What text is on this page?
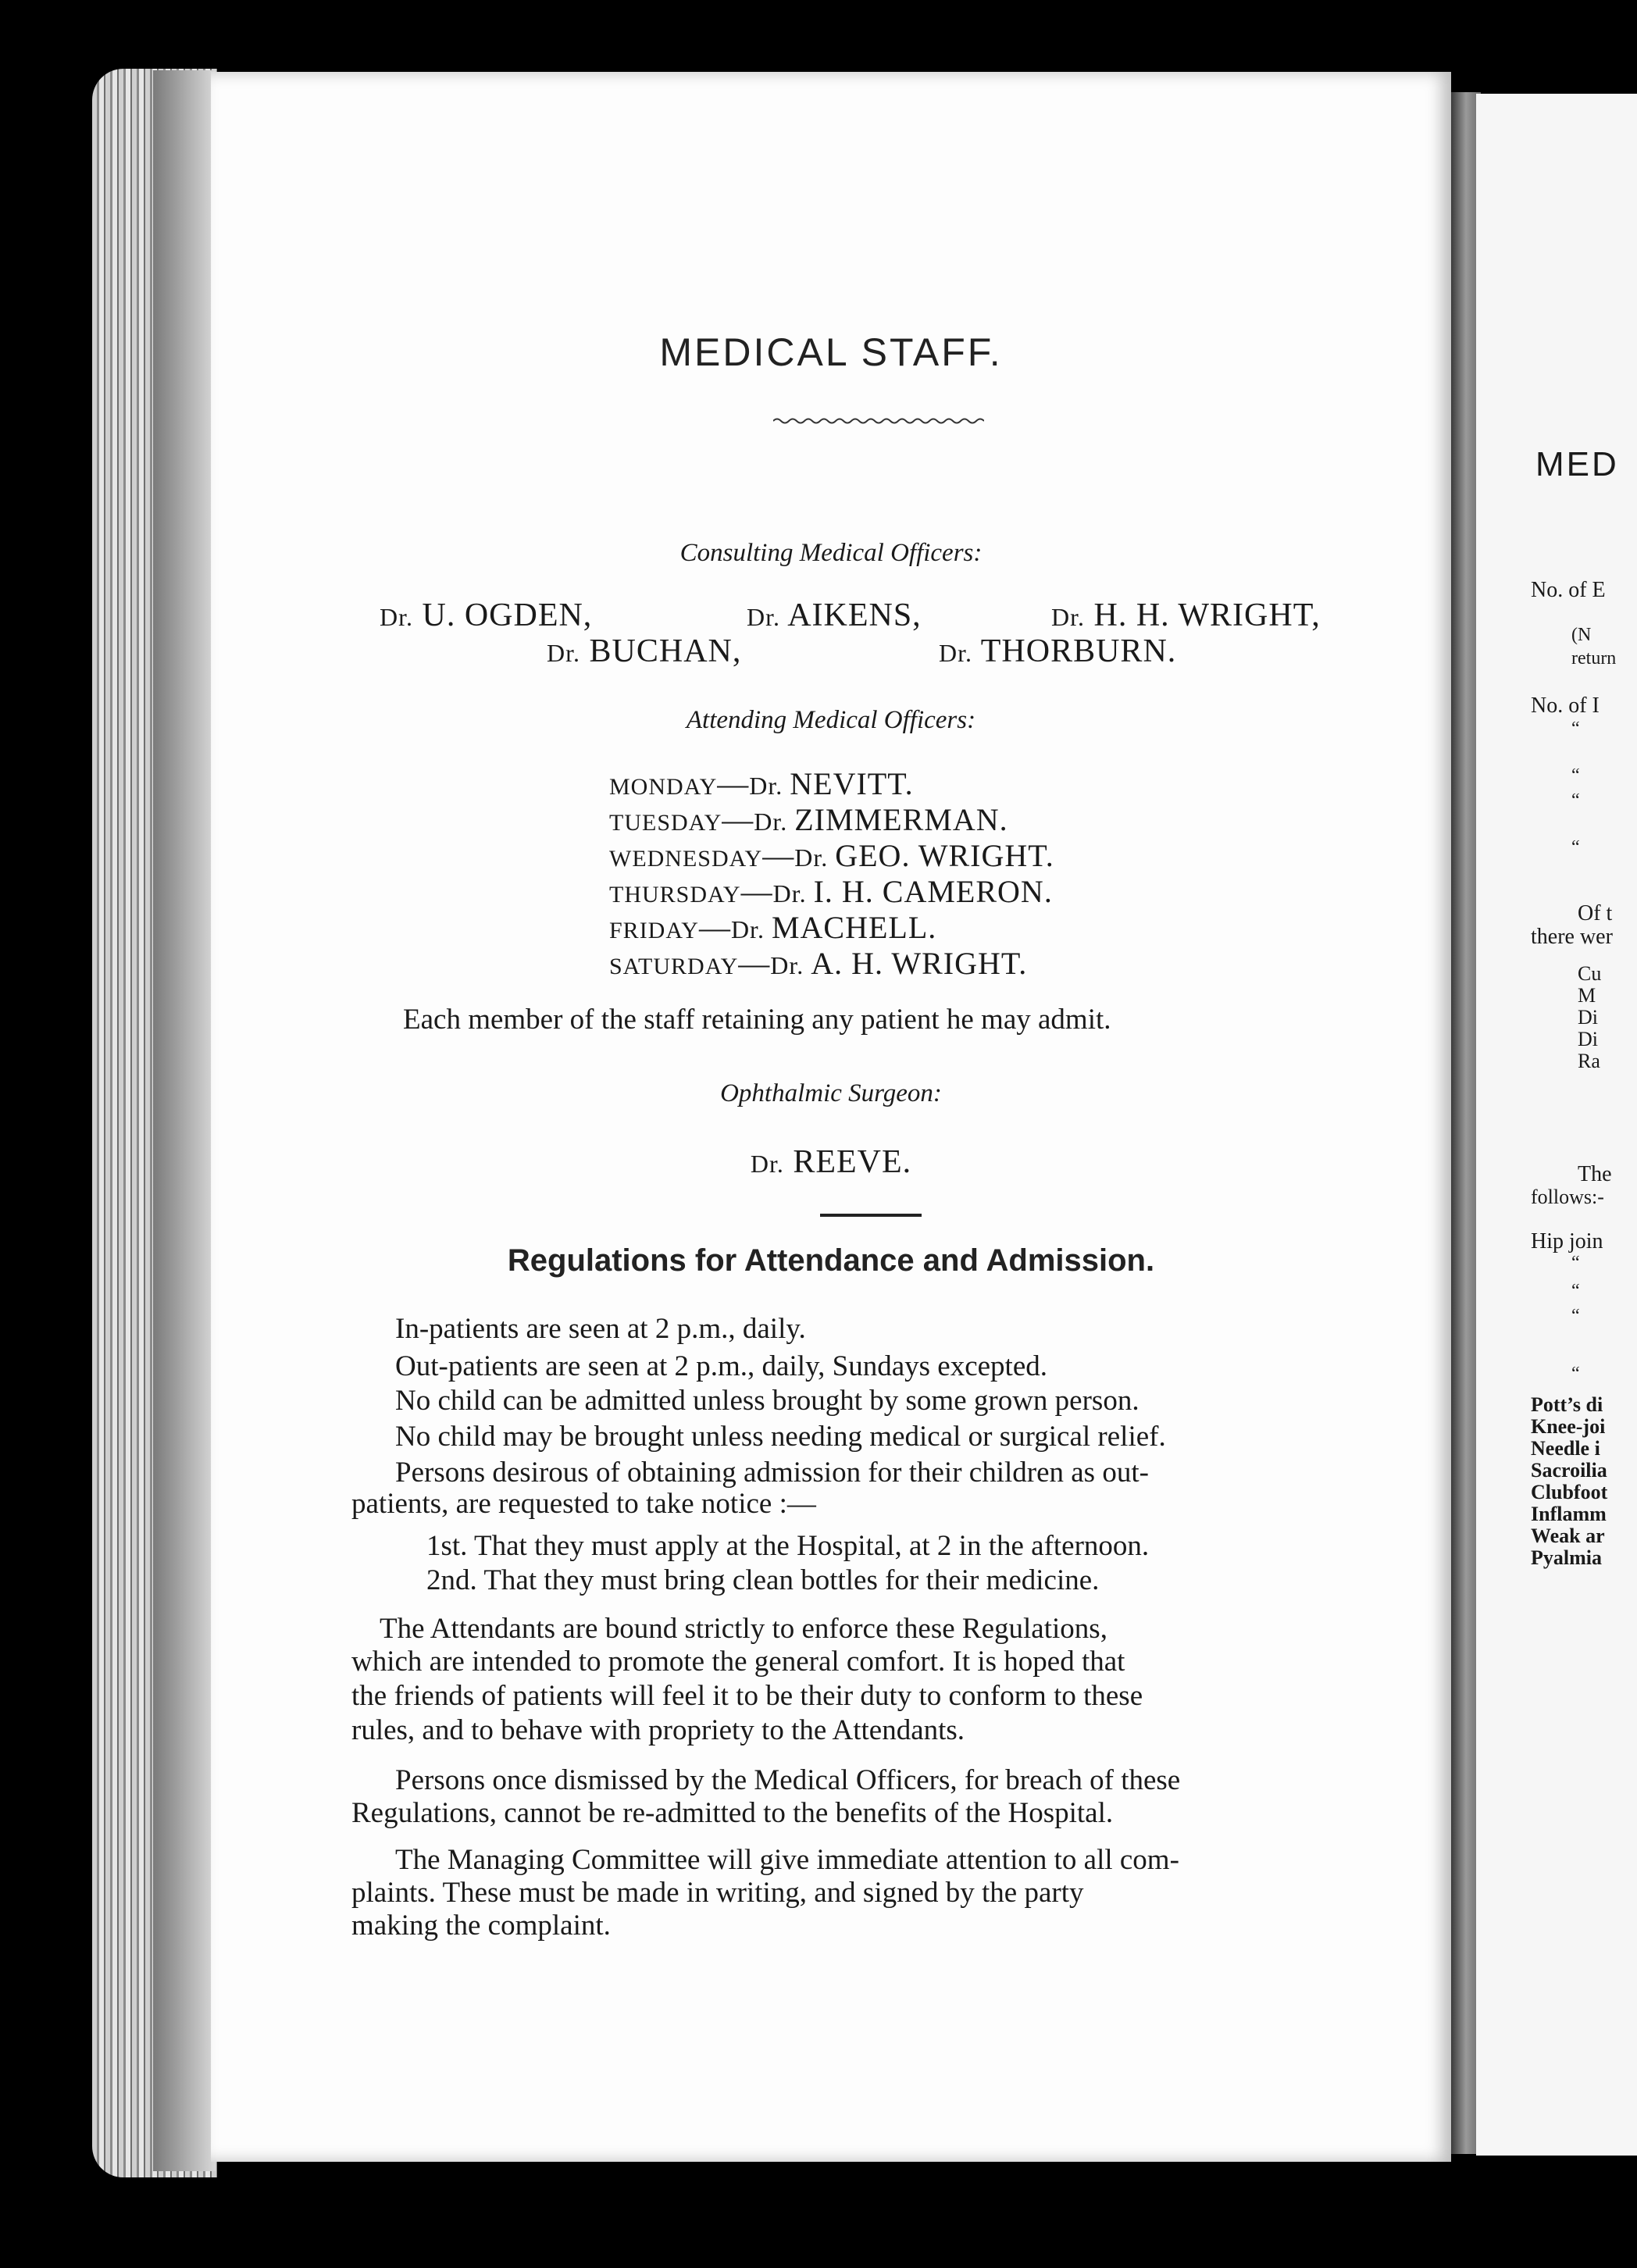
MEDICAL STAFF.
Consulting Medical Officers:
Dr. U. OGDEN,	Dr. AIKENS,	Dr. H. H. WRIGHT,
Dr. BUCHAN,	Dr. THORBURN.
Attending Medical Officers:
MONDAY—Dr. NEVITT.
TUESDAY—Dr. ZIMMERMAN.
WEDNESDAY—Dr. GEO. WRIGHT.
THURSDAY—Dr. I. H. CAMERON.
FRIDAY—Dr. MACHELL.
SATURDAY—Dr. A. H. WRIGHT.
Each member of the staff retaining any patient he may admit.
Ophthalmic Surgeon:
Dr. REEVE.
Regulations for Attendance and Admission.
In-patients are seen at 2 p.m., daily.
Out-patients are seen at 2 p.m., daily, Sundays excepted.
No child can be admitted unless brought by some grown person.
No child may be brought unless needing medical or surgical relief.
Persons desirous of obtaining admission for their children as out-
patients, are requested to take notice :—
1st. That they must apply at the Hospital, at 2 in the afternoon.
2nd. That they must bring clean bottles for their medicine.
The Attendants are bound strictly to enforce these Regulations,
which are intended to promote the general comfort. It is hoped that
the friends of patients will feel it to be their duty to conform to these
rules, and to behave with propriety to the Attendants.
Persons once dismissed by the Medical Officers, for breach of these
Regulations, cannot be re-admitted to the benefits of the Hospital.
The Managing Committee will give immediate attention to all com-
plaints. These must be made in writing, and signed by the party
making the complaint.
MED
No. of E
(N
return
No. of I
“
“
“
“
Of t
there wer
Cu
M
Di
Di
Ra
The
follows:-
Hip join
“
“
“
“
Pott’s di
Knee-joi
Needle i
Sacroilia
Clubfoot
Inflamm
Weak ar
Pyalmia
